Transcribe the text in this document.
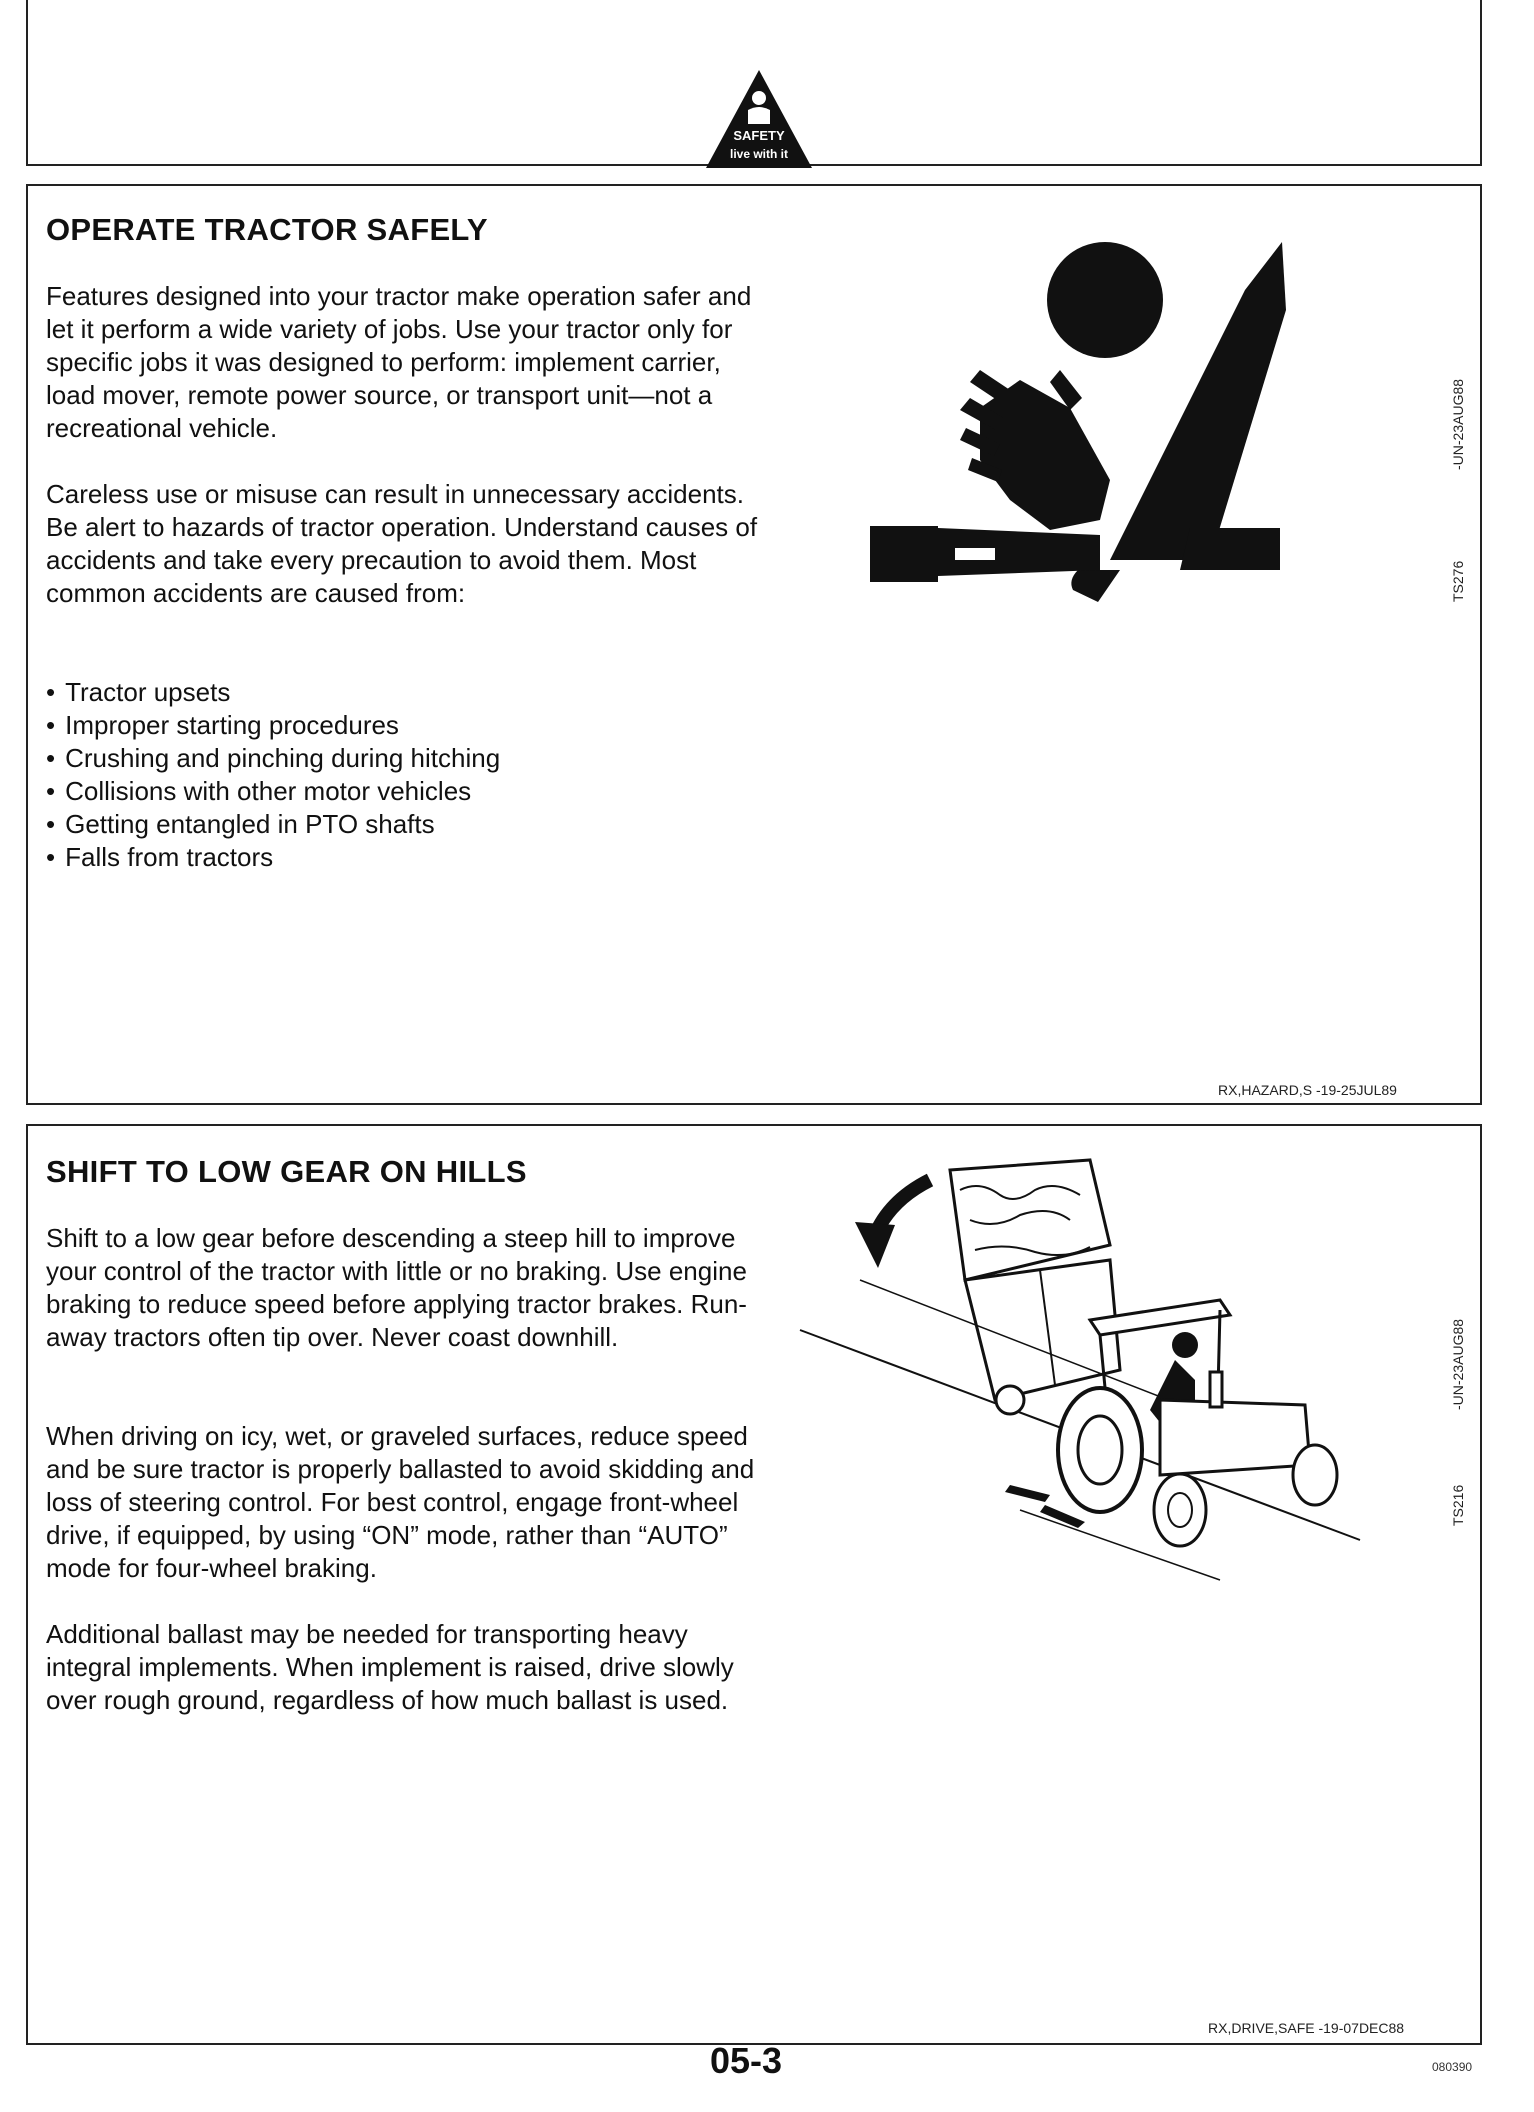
SAFETY
live with it
OPERATE TRACTOR SAFELY

Features designed into your tractor make operation safer and let it perform a wide variety of jobs. Use your tractor only for specific jobs it was designed to perform: implement carrier, load mover, remote power source, or transport unit—not a recreational vehicle.

Careless use or misuse can result in unnecessary accidents. Be alert to hazards of tractor operation. Understand causes of accidents and take every precaution to avoid them. Most common accidents are caused from:

• Tractor upsets
• Improper starting procedures
• Crushing and pinching during hitching
• Collisions with other motor vehicles
• Getting entangled in PTO shafts
• Falls from tractors
-UN-23AUG88
TS276
RX,HAZARD,S -19-25JUL89
SHIFT TO LOW GEAR ON HILLS

Shift to a low gear before descending a steep hill to improve your control of the tractor with little or no braking. Use engine braking to reduce speed before applying tractor brakes. Run-away tractors often tip over. Never coast downhill.

When driving on icy, wet, or graveled surfaces, reduce speed and be sure tractor is properly ballasted to avoid skidding and loss of steering control. For best control, engage front-wheel drive, if equipped, by using “ON” mode, rather than “AUTO” mode for four-wheel braking.

Additional ballast may be needed for transporting heavy integral implements. When implement is raised, drive slowly over rough ground, regardless of how much ballast is used.

-UN-23AUG88
TS216
RX,DRIVE,SAFE -19-07DEC88
05-3	080390
